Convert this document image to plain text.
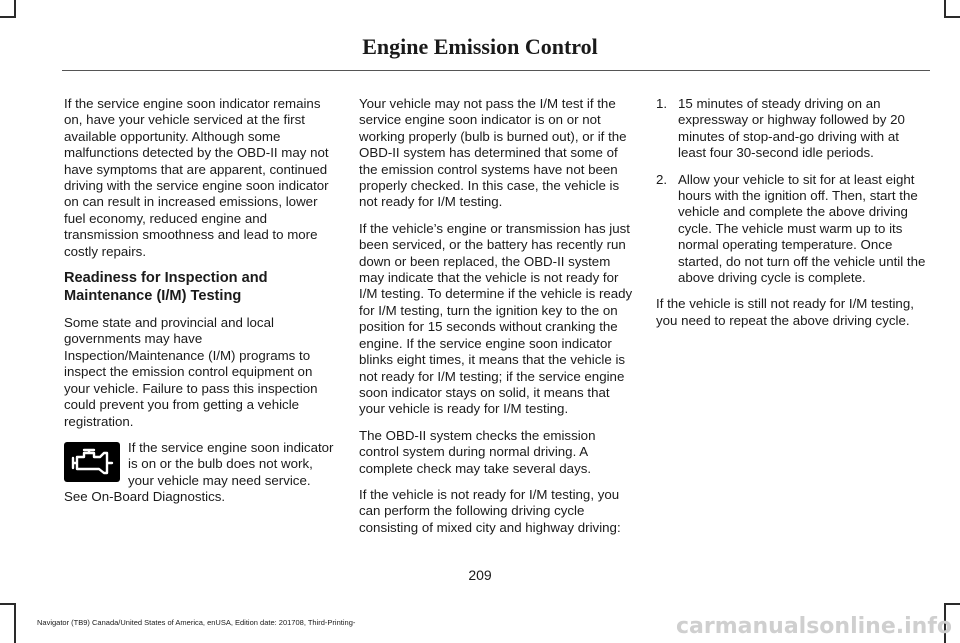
Engine Emission Control

If the service engine soon indicator remains on, have your vehicle serviced at the first available opportunity. Although some malfunctions detected by the OBD-II may not have symptoms that are apparent, continued driving with the service engine soon indicator on can result in increased emissions, lower fuel economy, reduced engine and transmission smoothness and lead to more costly repairs.

Readiness for Inspection and Maintenance (I/M) Testing

Some state and provincial and local governments may have Inspection/Maintenance (I/M) programs to inspect the emission control equipment on your vehicle. Failure to pass this inspection could prevent you from getting a vehicle registration.

If the service engine soon indicator is on or the bulb does not work, your vehicle may need service.

See On-Board Diagnostics.

Your vehicle may not pass the I/M test if the service engine soon indicator is on or not working properly (bulb is burned out), or if the OBD-II system has determined that some of the emission control systems have not been properly checked. In this case, the vehicle is not ready for I/M testing.

If the vehicle’s engine or transmission has just been serviced, or the battery has recently run down or been replaced, the OBD-II system may indicate that the vehicle is not ready for I/M testing. To determine if the vehicle is ready for I/M testing, turn the ignition key to the on position for 15 seconds without cranking the engine. If the service engine soon indicator blinks eight times, it means that the vehicle is not ready for I/M testing; if the service engine soon indicator stays on solid, it means that your vehicle is ready for I/M testing.

The OBD-II system checks the emission control system during normal driving. A complete check may take several days.

If the vehicle is not ready for I/M testing, you can perform the following driving cycle consisting of mixed city and highway driving:

1. 15 minutes of steady driving on an expressway or highway followed by 20 minutes of stop-and-go driving with at least four 30-second idle periods.
2. Allow your vehicle to sit for at least eight hours with the ignition off. Then, start the vehicle and complete the above driving cycle. The vehicle must warm up to its normal operating temperature. Once started, do not turn off the vehicle until the above driving cycle is complete.

If the vehicle is still not ready for I/M testing, you need to repeat the above driving cycle.

209
Navigator (TB9) Canada/United States of America, enUSA, Edition date: 201708, Third-Printing-	carmanualsonline.info
